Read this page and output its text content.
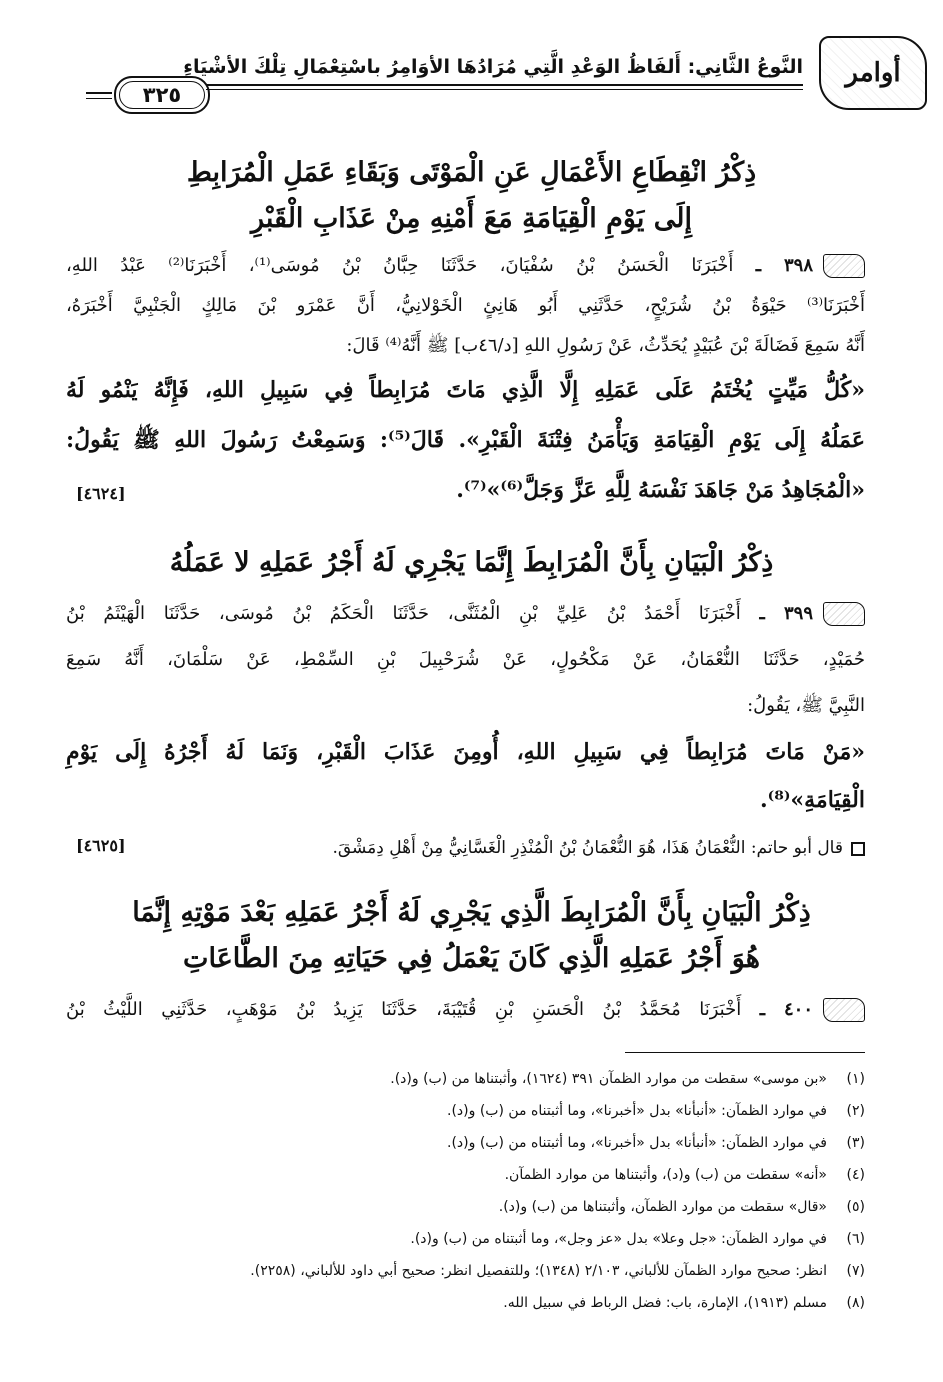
أوامر
النَّوعُ الثَّانِي: أَلفَاظُ الوَعْدِ الَّتِي مُرَادُهَا الأوَامِرُ باسْتِعْمَالِ تِلْكَ الأشْيَاءِ
٣٢٥
ذِكْرُ انْقِطَاعِ الأَعْمَالِ عَنِ الْمَوْتَى وَبَقَاءِ عَمَلِ الْمُرَابِطِ
إِلَى يَوْمِ الْقِيَامَةِ مَعَ أَمْنِهِ مِنْ عَذَابِ الْقَبْرِ
٣٩٨ ـ أَخْبَرَنَا الْحَسَنُ بْنُ سُفْيَانَ، حَدَّثَنَا حِبَّانُ بْنُ مُوسَى⁽¹⁾، أَخْبَرَنَا⁽²⁾ عَبْدُ اللهِ،
أَخْبَرَنَا⁽³⁾ حَيْوَةُ بْنُ شُرَيْحٍ، حَدَّثَنِي أَبُو هَانِئٍ الْخَوْلانِيُّ، أَنَّ عَمْرَو بْنَ مَالِكٍ الْجَنْبِيَّ أَخْبَرَهُ،
أَنَّهُ سَمِعَ فَضَالَةَ بْنَ عُبَيْدٍ يُحَدِّثُ، عَنْ رَسُولِ اللهِ [د/٤٦ب] ﷺ أَنَّهُ⁽⁴⁾ قَالَ:
«كُلُّ مَيِّتٍ يُخْتَمُ عَلَى عَمَلِهِ إِلَّا الَّذِي مَاتَ مُرَابِطاً فِي سَبِيلِ اللهِ، فَإِنَّهُ يَنْمُو لَهُ
عَمَلُهُ إِلَى يَوْمِ الْقِيَامَةِ وَيَأْمَنُ فِتْنَةَ الْقَبْرِ». قَالَ⁽⁵⁾: وَسَمِعْتُ رَسُولَ اللهِ ﷺ يَقُولُ:
«الْمُجَاهِدُ مَنْ جَاهَدَ نَفْسَهُ لِلَّهِ عَزَّ وَجَلَّ⁽⁶⁾»⁽⁷⁾.
[٤٦٢٤]
ذِكْرُ الْبَيَانِ بِأَنَّ الْمُرَابِطَ إِنَّمَا يَجْرِي لَهُ أَجْرُ عَمَلِهِ لا عَمَلُهُ
٣٩٩ ـ أَخْبَرَنَا أَحْمَدُ بْنُ عَلِيِّ بْنِ الْمُثَنَّى، حَدَّثَنَا الْحَكَمُ بْنُ مُوسَى، حَدَّثَنَا الْهَيْثَمُ بْنُ
حُمَيْدٍ، حَدَّثَنَا النُّعْمَانُ، عَنْ مَكْحُولٍ، عَنْ شُرَحْبِيلَ بْنِ السِّمْطِ، عَنْ سَلْمَانَ، أَنَّهُ سَمِعَ
النَّبِيَّ ﷺ، يَقُولُ:
«مَنْ مَاتَ مُرَابِطاً فِي سَبِيلِ اللهِ، أُومِنَ عَذَابَ الْقَبْرِ، وَنَمَا لَهُ أَجْرُهُ إِلَى يَوْمِ
الْقِيَامَةِ»⁽⁸⁾.
قال أبو حاتم: النُّعْمَانُ هَذَا، هُوَ النُّعْمَانُ بْنُ الْمُنْذِرِ الْغَسَّانِيُّ مِنْ أَهْلِ دِمَشْقَ.
[٤٦٢٥]
ذِكْرُ الْبَيَانِ بِأَنَّ الْمُرَابِطَ الَّذِي يَجْرِي لَهُ أَجْرُ عَمَلِهِ بَعْدَ مَوْتِهِ إِنَّمَا
هُوَ أَجْرُ عَمَلِهِ الَّذِي كَانَ يَعْمَلُ فِي حَيَاتِهِ مِنَ الطَّاعَاتِ
٤٠٠ ـ أَخْبَرَنَا مُحَمَّدُ بْنُ الْحَسَنِ بْنِ قُتَيْبَةَ، حَدَّثَنَا يَزِيدُ بْنُ مَوْهَبٍ، حَدَّثَنِي اللَّيْثُ بْنُ
(١)«بن موسى» سقطت من موارد الظمآن ٣٩١ (١٦٢٤)، وأثبتناها من (ب) و(د).
(٢)في موارد الظمآن: «أنبأنا» بدل «أخبرنا»، وما أثبتناه من (ب) و(د).
(٣)في موارد الظمآن: «أنبأنا» بدل «أخبرنا»، وما أثبتناه من (ب) و(د).
(٤)«أنه» سقطت من (ب) و(د)، وأثبتناها من موارد الظمآن.
(٥)«قال» سقطت من موارد الظمآن، وأثبتناها من (ب) و(د).
(٦)في موارد الظمآن: «جل وعلا» بدل «عز وجل»، وما أثبتناه من (ب) و(د).
(٧)انظر: صحيح موارد الظمآن للألباني، ٢/١٠٣ (١٣٤٨)؛ وللتفصيل انظر: صحيح أبي داود للألباني، (٢٢٥٨).
(٨)مسلم (١٩١٣)، الإمارة، باب: فضل الرباط في سبيل الله.
